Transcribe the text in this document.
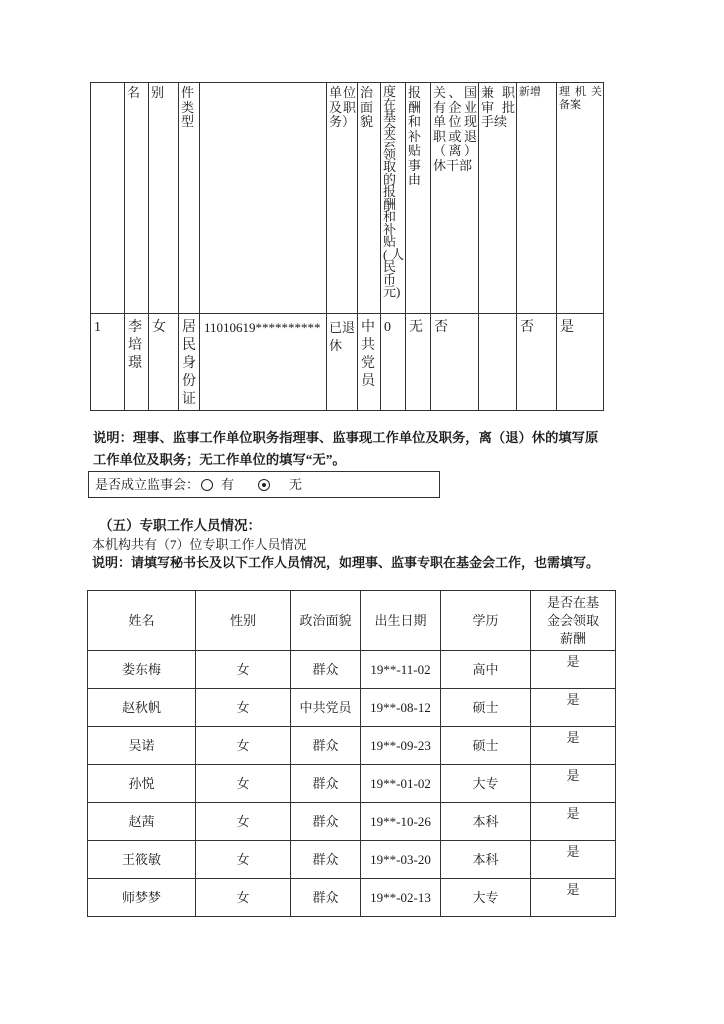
	名	别	件类型		单位及职务）	治面貌	度在基金会领取的报酬和补贴(人民币元)	报酬和补贴事由	关、国有企业单位现职或退（离）休干部	兼职审批手续	新增	理机关备案
1	李培璟	女	居民身份证	11010619**********	已退休	中共党员	0	无	否		否	是
说明：理事、监事工作单位职务指理事、监事现工作单位及职务，离（退）休的填写原工作单位及职务；无工作单位的填写“无”。
是否成立监事会： 有	无
（五）专职工作人员情况：
本机构共有（7）位专职工作人员情况
说明：请填写秘书长及以下工作人员情况，如理事、监事专职在基金会工作，也需填写。
姓名	性别	政治面貌	出生日期	学历	是否在基金会领取薪酬
娄东梅	女	群众	19**-11-02	高中	是
赵秋帆	女	中共党员	19**-08-12	硕士	是
吴诺	女	群众	19**-09-23	硕士	是
孙悦	女	群众	19**-01-02	大专	是
赵茜	女	群众	19**-10-26	本科	是
王筱敏	女	群众	19**-03-20	本科	是
师梦梦	女	群众	19**-02-13	大专	是
